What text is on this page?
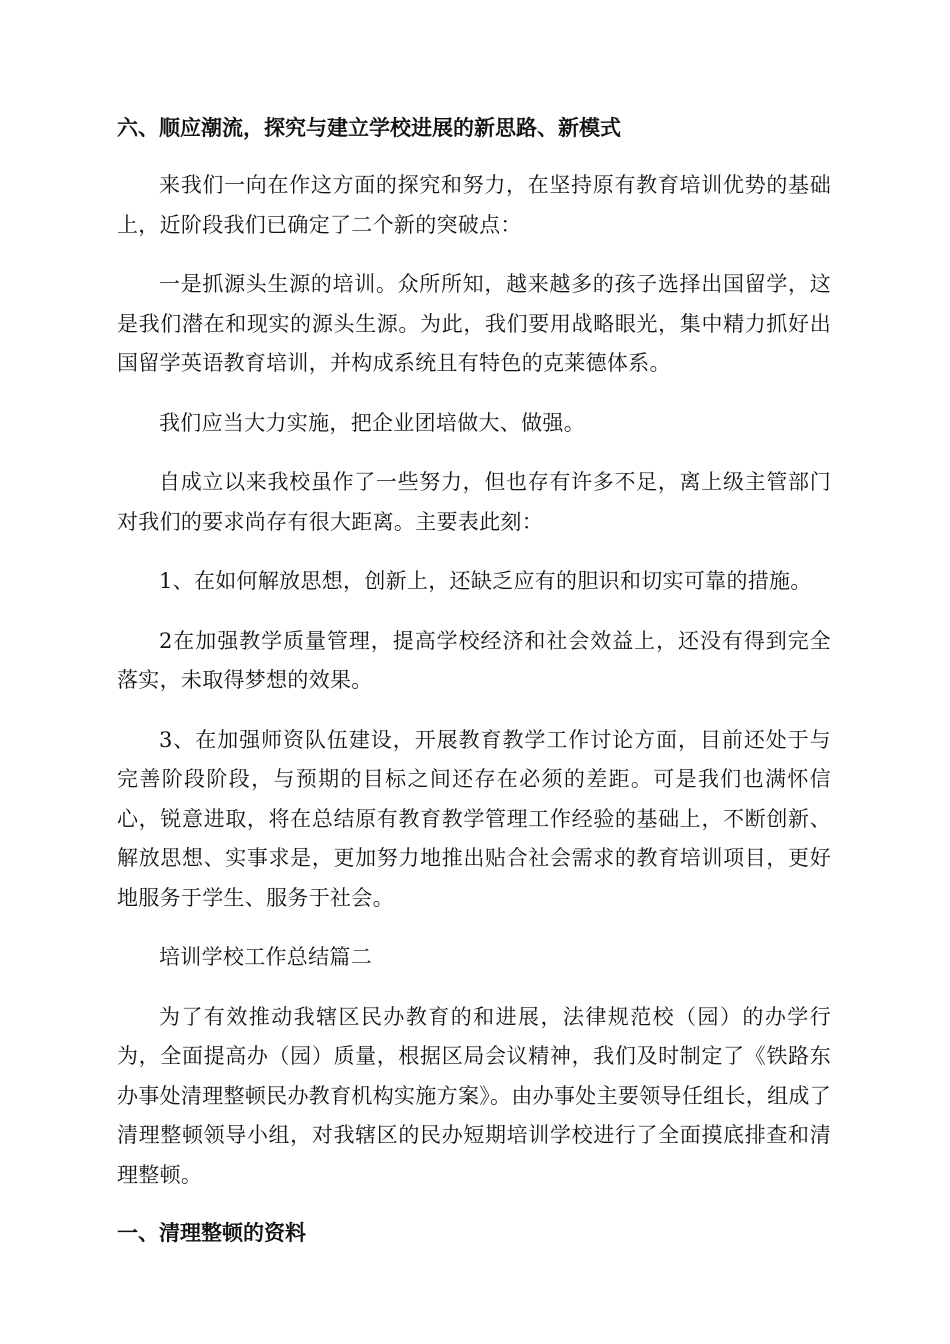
六、顺应潮流，探究与建立学校进展的新思路、新模式

来我们一向在作这方面的探究和努力，在坚持原有教育培训优势的基础上，近阶段我们已确定了二个新的突破点：

一是抓源头生源的培训。众所所知，越来越多的孩子选择出国留学，这是我们潜在和现实的源头生源。为此，我们要用战略眼光，集中精力抓好出国留学英语教育培训，并构成系统且有特色的克莱德体系。

我们应当大力实施，把企业团培做大、做强。

自成立以来我校虽作了一些努力，但也存有许多不足，离上级主管部门对我们的要求尚存有很大距离。主要表此刻：

1、在如何解放思想，创新上，还缺乏应有的胆识和切实可靠的措施。

2在加强教学质量管理，提高学校经济和社会效益上，还没有得到完全落实，未取得梦想的效果。

3、在加强师资队伍建设，开展教育教学工作讨论方面，目前还处于与完善阶段阶段，与预期的目标之间还存在必须的差距。可是我们也满怀信心，锐意进取，将在总结原有教育教学管理工作经验的基础上，不断创新、解放思想、实事求是，更加努力地推出贴合社会需求的教育培训项目，更好地服务于学生、服务于社会。

培训学校工作总结篇二

为了有效推动我辖区民办教育的和进展，法律规范校（园）的办学行为，全面提高办（园）质量，根据区局会议精神，我们及时制定了《铁路东办事处清理整顿民办教育机构实施方案》。由办事处主要领导任组长，组成了清理整顿领导小组，对我辖区的民办短期培训学校进行了全面摸底排查和清理整顿。

一、清理整顿的资料
